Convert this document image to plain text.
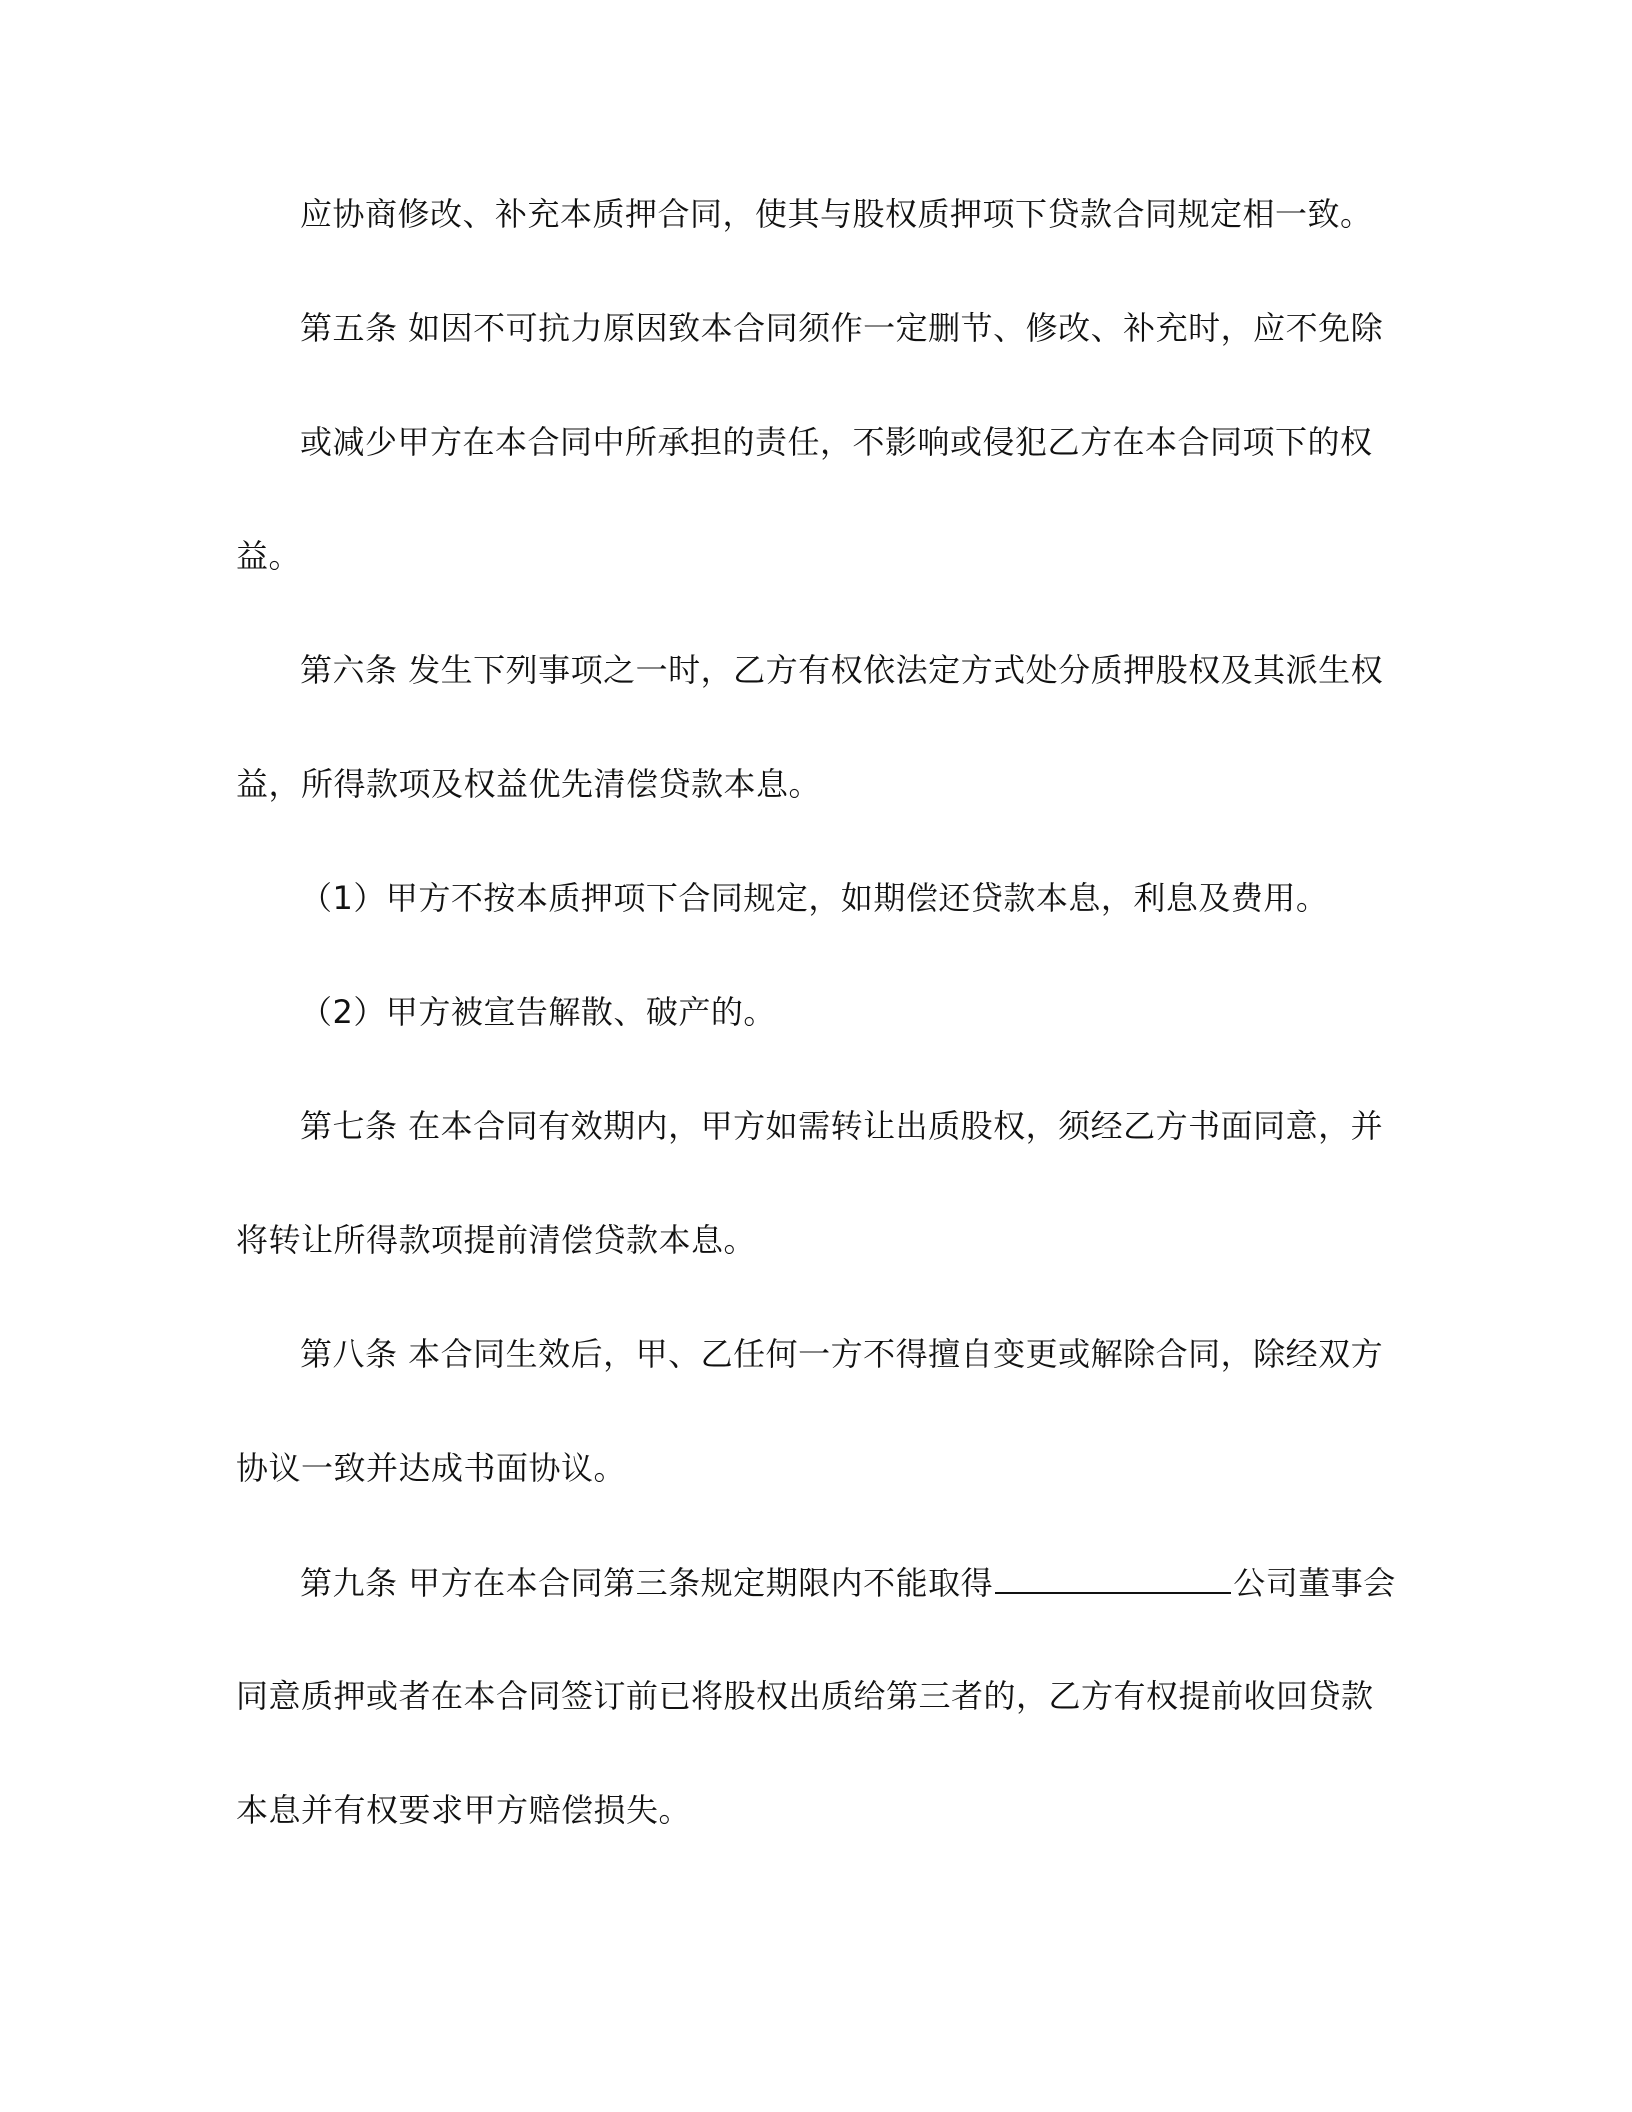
应协商修改、补充本质押合同，使其与股权质押项下贷款合同规定相一致。
第五条 如因不可抗力原因致本合同须作一定删节、修改、补充时，应不免除
或减少甲方在本合同中所承担的责任，不影响或侵犯乙方在本合同项下的权
益。
第六条 发生下列事项之一时，乙方有权依法定方式处分质押股权及其派生权
益，所得款项及权益优先清偿贷款本息。
（1）甲方不按本质押项下合同规定，如期偿还贷款本息，利息及费用。
（2）甲方被宣告解散、破产的。
第七条 在本合同有效期内，甲方如需转让出质股权，须经乙方书面同意，并
将转让所得款项提前清偿贷款本息。
第八条 本合同生效后，甲、乙任何一方不得擅自变更或解除合同，除经双方
协议一致并达成书面协议。
第九条 甲方在本合同第三条规定期限内不能取得	公司董事会
同意质押或者在本合同签订前已将股权出质给第三者的，乙方有权提前收回贷款
本息并有权要求甲方赔偿损失。
